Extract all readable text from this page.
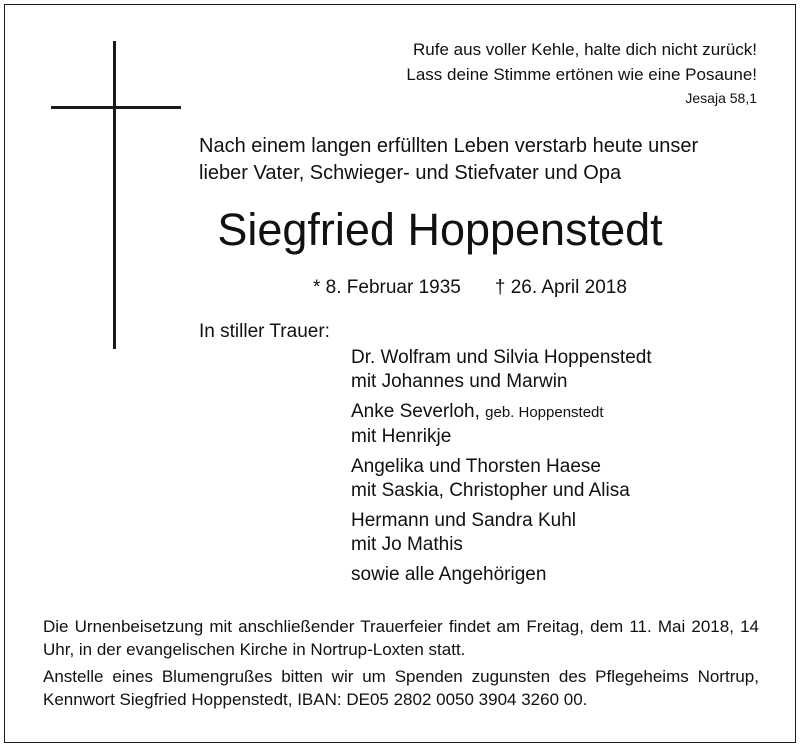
Rufe aus voller Kehle, halte dich nicht zurück!
Lass deine Stimme ertönen wie eine Posaune!
Jesaja 58,1
Nach einem langen erfüllten Leben verstarb heute unser
lieber Vater, Schwieger- und Stiefvater und Opa
Siegfried Hoppenstedt
* 8. Februar 1935 † 26. April 2018
In stiller Trauer:
Dr. Wolfram und Silvia Hoppenstedt
mit Johannes und Marwin
Anke Severloh, geb. Hoppenstedt
mit Henrikje
Angelika und Thorsten Haese
mit Saskia, Christopher und Alisa
Hermann und Sandra Kuhl
mit Jo Mathis
sowie alle Angehörigen

Die Urnenbeisetzung mit anschließender Trauerfeier findet am Freitag, dem 11. Mai 2018, 14 Uhr, in der evangelischen Kirche in Nortrup-Loxten statt.

Anstelle eines Blumengrußes bitten wir um Spenden zugunsten des Pflegeheims Nortrup, Kennwort Siegfried Hoppenstedt, IBAN: DE05 2802 0050 3904 3260 00.
